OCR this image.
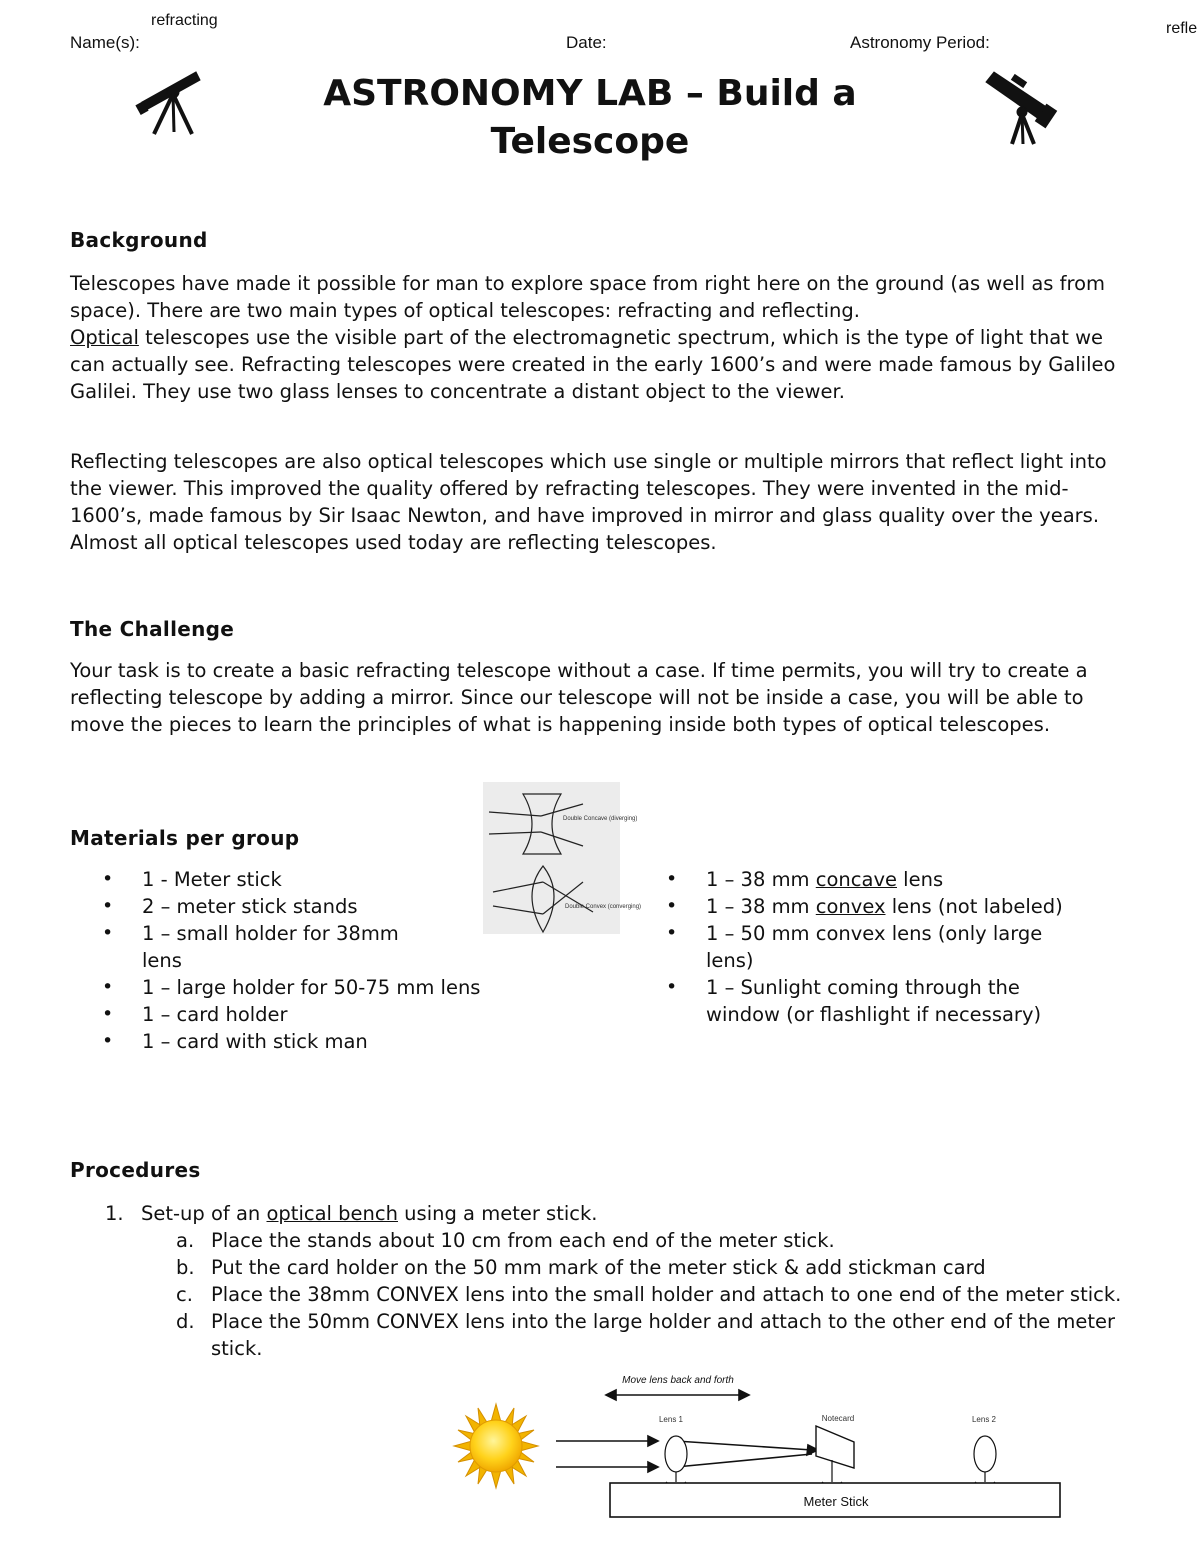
refracting	refle
Name(s):	Date:	Astronomy Period:
ASTRONOMY LAB – Build a
Telescope
Background

Telescopes have made it possible for man to explore space from right here on the ground (as well as from space). There are two main types of optical telescopes: refracting and reflecting.
Optical telescopes use the visible part of the electromagnetic spectrum, which is the type of light that we can actually see. Refracting telescopes were created in the early 1600’s and were made famous by Galileo Galilei. They use two glass lenses to concentrate a distant object to the viewer.

Reflecting telescopes are also optical telescopes which use single or multiple mirrors that reflect light into the viewer. This improved the quality offered by refracting telescopes. They were invented in the mid-1600’s, made famous by Sir Isaac Newton, and have improved in mirror and glass quality over the years. Almost all optical telescopes used today are reflecting telescopes.

The Challenge

Your task is to create a basic refracting telescope without a case. If time permits, you will try to create a reflecting telescope by adding a mirror. Since our telescope will not be inside a case, you will be able to move the pieces to learn the principles of what is happening inside both types of optical telescopes.

Materials per group
Double Concave (diverging)
Double Convex (converging)
• 1 - Meter stick
• 2 – meter stick stands
• 1 – small holder for 38mm lens
• 1 – large holder for 50-75 mm lens
• 1 – card holder
• 1 – card with stick man
• 1 – 38 mm concave lens
• 1 – 38 mm convex lens (not labeled)
• 1 – 50 mm convex lens (only large lens)
• 1 – Sunlight coming through the window (or flashlight if necessary)
Procedures
1. Set-up of an optical bench using a meter stick.
a. Place the stands about 10 cm from each end of the meter stick.
b. Put the card holder on the 50 mm mark of the meter stick & add stickman card
c. Place the 38mm CONVEX lens into the small holder and attach to one end of the meter stick.
d. Place the 50mm CONVEX lens into the large holder and attach to the other end of the meter stick.
Move lens back and forth
Lens 1	Notecard	Lens 2
Meter Stick
